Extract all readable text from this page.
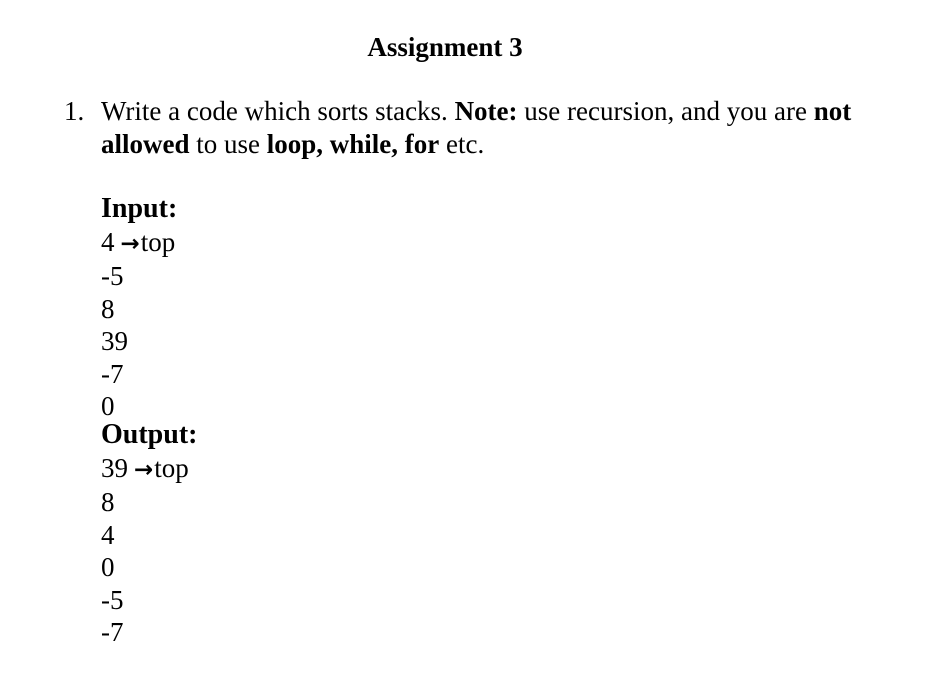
Assignment 3
1. Write a code which sorts stacks. Note: use recursion, and you are not allowed to use loop, while, for etc.
Input:
4 →top
-5
8
39
-7
0
Output:
39 →top
8
4
0
-5
-7
